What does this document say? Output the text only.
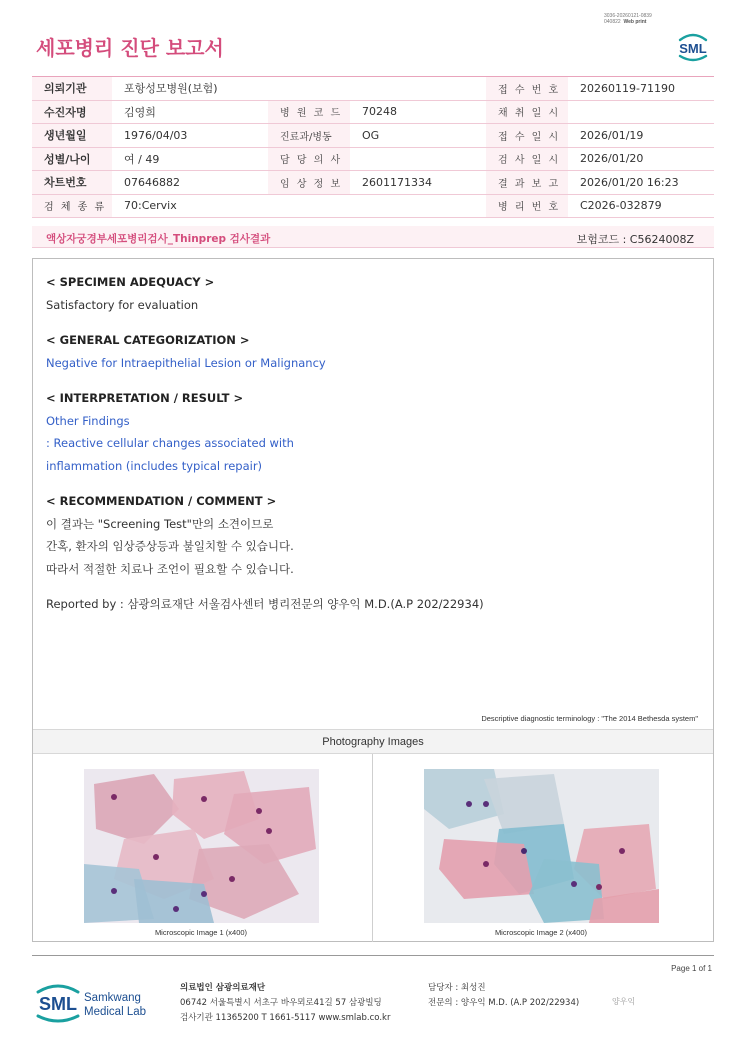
3036-20260121-0839
040822 Web print
세포병리 진단 보고서	SML
의뢰기관	포항성모병원(보험)			접 수 번 호	20260119-71190
수진자명	김영희	병 원 코 드	70248	채 취 일 시	
생년월일	1976/04/03	진료과/병동	OG	접 수 일 시	2026/01/19
성별/나이	여 / 49	담 당 의 사		검 사 일 시	2026/01/20
차트번호	07646882	임 상 정 보	2601171334	결 과 보 고	2026/01/20 16:23
검 체 종 류	70:Cervix			병 리 번 호	C2026-032879
액상자궁경부세포병리검사_Thinprep 검사결과	보험코드 : C5624008Z
< SPECIMEN ADEQUACY >
Satisfactory for evaluation
< GENERAL CATEGORIZATION >
Negative for Intraepithelial Lesion or Malignancy
< INTERPRETATION / RESULT >
Other Findings
: Reactive cellular changes associated with
inflammation (includes typical repair)
< RECOMMENDATION / COMMENT >
이 결과는 "Screening Test"만의 소견이므로
간혹, 환자의 임상증상등과 불일치할 수 있습니다.
따라서 적절한 치료나 조언이 필요할 수 있습니다.
Reported by : 삼광의료재단 서울검사센터 병리전문의 양우익 M.D.(A.P 202/22934)
Descriptive diagnostic terminology : "The 2014 Bethesda system"
Photography Images
Microscopic Image 1 (x400)	Microscopic Image 2 (x400)
Page 1 of 1
SML Samkwang
Medical Lab
의료법인 삼광의료재단
06742 서울특별시 서초구 바우뫼로41길 57 삼광빌딩
검사기관 11365200 T 1661-5117 www.smlab.co.kr
담당자 : 최성진
전문의 : 양우익 M.D. (A.P 202/22934)	양우익
